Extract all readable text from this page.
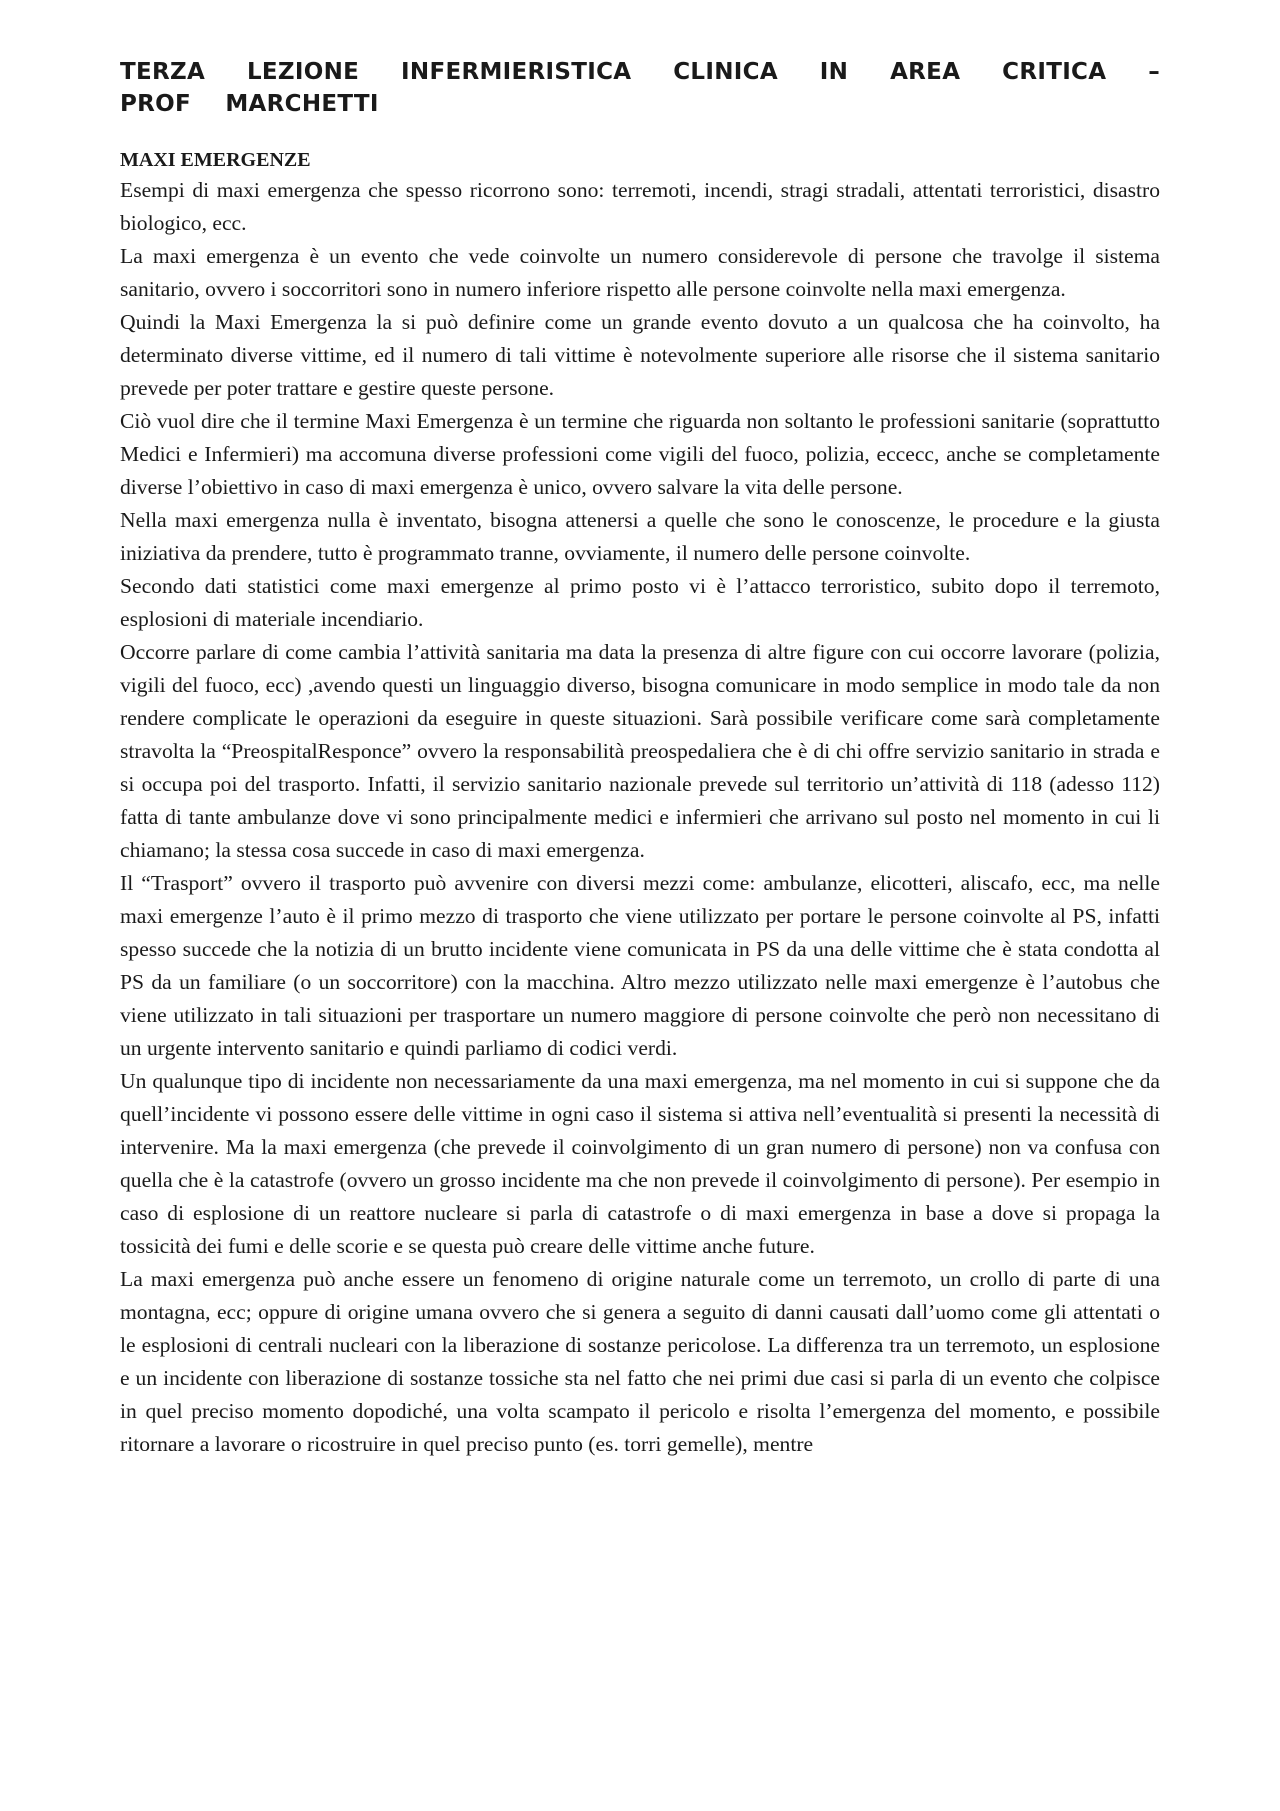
TERZA LEZIONE INFERMIERISTICA CLINICA IN AREA CRITICA – PROF MARCHETTI
MAXI EMERGENZE

Esempi di maxi emergenza che spesso ricorrono sono: terremoti, incendi, stragi stradali, attentati terroristici, disastro biologico, ecc.

La maxi emergenza è un evento che vede coinvolte un numero considerevole di persone che travolge il sistema sanitario, ovvero i soccorritori sono in numero inferiore rispetto alle persone coinvolte nella maxi emergenza.

Quindi la Maxi Emergenza la si può definire come un grande evento dovuto a un qualcosa che ha coinvolto, ha determinato diverse vittime, ed il numero di tali vittime è notevolmente superiore alle risorse che il sistema sanitario prevede per poter trattare e gestire queste persone.

Ciò vuol dire che il termine Maxi Emergenza è un termine che riguarda non soltanto le professioni sanitarie (soprattutto Medici e Infermieri) ma accomuna diverse professioni come vigili del fuoco, polizia, eccecc, anche se completamente diverse l’obiettivo in caso di maxi emergenza è unico, ovvero salvare la vita delle persone.

Nella maxi emergenza nulla è inventato, bisogna attenersi a quelle che sono le conoscenze, le procedure e la giusta iniziativa da prendere, tutto è programmato tranne, ovviamente, il numero delle persone coinvolte.

Secondo dati statistici come maxi emergenze al primo posto vi è l’attacco terroristico, subito dopo il terremoto, esplosioni di materiale incendiario.

Occorre parlare di come cambia l’attività sanitaria ma data la presenza di altre figure con cui occorre lavorare (polizia, vigili del fuoco, ecc) ,avendo questi un linguaggio diverso, bisogna comunicare in modo semplice in modo tale da non rendere complicate le operazioni da eseguire in queste situazioni. Sarà possibile verificare come sarà completamente stravolta la “PreospitalResponce” ovvero la responsabilità preospedaliera che è di chi offre servizio sanitario in strada e si occupa poi del trasporto. Infatti, il servizio sanitario nazionale prevede sul territorio un’attività di 118 (adesso 112) fatta di tante ambulanze dove vi sono principalmente medici e infermieri che arrivano sul posto nel momento in cui li chiamano; la stessa cosa succede in caso di maxi emergenza.

Il “Trasport” ovvero il trasporto può avvenire con diversi mezzi come: ambulanze, elicotteri, aliscafo, ecc, ma nelle maxi emergenze l’auto è il primo mezzo di trasporto che viene utilizzato per portare le persone coinvolte al PS, infatti spesso succede che la notizia di un brutto incidente viene comunicata in PS da una delle vittime che è stata condotta al PS da un familiare (o un soccorritore) con la macchina. Altro mezzo utilizzato nelle maxi emergenze è l’autobus che viene utilizzato in tali situazioni per trasportare un numero maggiore di persone coinvolte che però non necessitano di un urgente intervento sanitario e quindi parliamo di codici verdi.

Un qualunque tipo di incidente non necessariamente da una maxi emergenza, ma nel momento in cui si suppone che da quell’incidente vi possono essere delle vittime in ogni caso il sistema si attiva nell’eventualità si presenti la necessità di intervenire. Ma la maxi emergenza (che prevede il coinvolgimento di un gran numero di persone) non va confusa con quella che è la catastrofe (ovvero un grosso incidente ma che non prevede il coinvolgimento di persone). Per esempio in caso di esplosione di un reattore nucleare si parla di catastrofe o di maxi emergenza in base a dove si propaga la tossicità dei fumi e delle scorie e se questa può creare delle vittime anche future.

La maxi emergenza può anche essere un fenomeno di origine naturale come un terremoto, un crollo di parte di una montagna, ecc; oppure di origine umana ovvero che si genera a seguito di danni causati dall’uomo come gli attentati o le esplosioni di centrali nucleari con la liberazione di sostanze pericolose. La differenza tra un terremoto, un esplosione e un incidente con liberazione di sostanze tossiche sta nel fatto che nei primi due casi si parla di un evento che colpisce in quel preciso momento dopodiché, una volta scampato il pericolo e risolta l’emergenza del momento, e possibile ritornare a lavorare o ricostruire in quel preciso punto (es. torri gemelle), mentre
